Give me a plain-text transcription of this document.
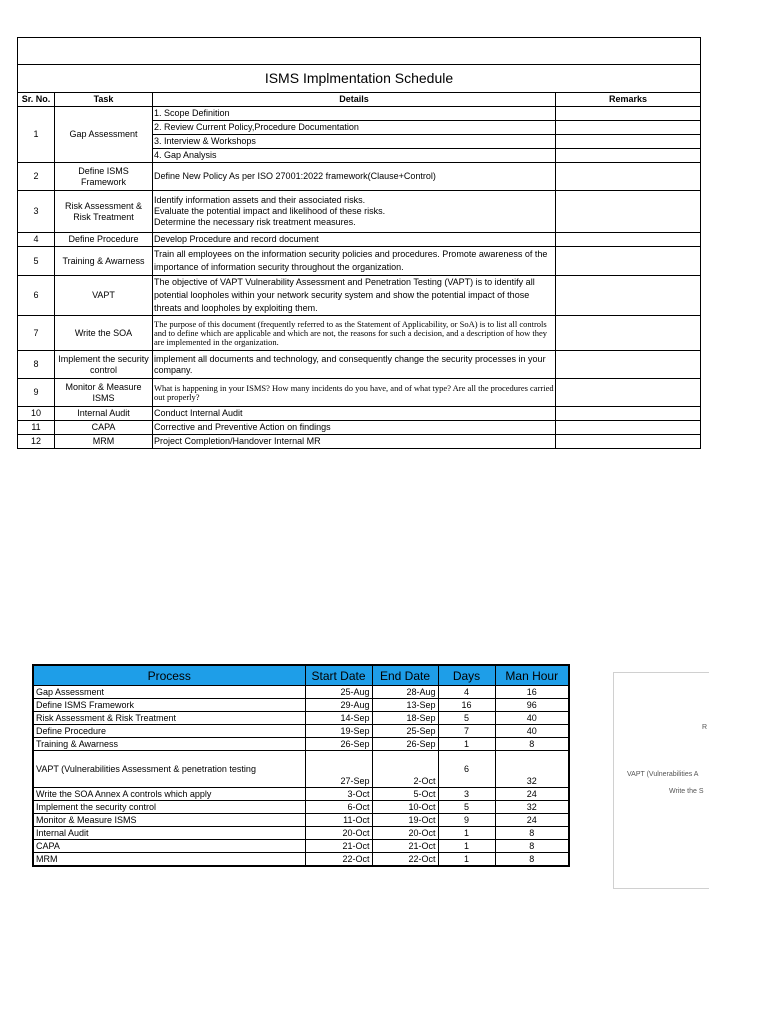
ISMS Implmentation Schedule			
Sr. No.	Task	Details	Remarks
1	Gap Assessment	1. Scope Definition	
		2. Review Current Policy,Procedure Documentation	
		3. Interview & Workshops	
		4. Gap Analysis	
2	Define ISMS Framework	Define New Policy As per ISO 27001:2022 framework(Clause+Control)	
3	Risk Assessment & Risk Treatment	Identify information assets and their associated risks.
Evaluate the potential impact and likelihood of these risks.
Determine the necessary risk treatment measures.	
4	Define Procedure	Develop Procedure and record document	
5	Training & Awarness	Train all employees on the information security policies and procedures. Promote awareness of the importance of information security throughout the organization.	
6	VAPT	The objective of VAPT Vulnerability Assessment and Penetration Testing (VAPT) is to identify all potential loopholes within your network security system and show the potential impact of those threats and loopholes by exploiting them.	
7	Write the SOA	The purpose of this document (frequently referred to as the Statement of Applicability, or SoA) is to list all controls and to define which are applicable and which are not, the reasons for such a decision, and a description of how they are implemented in the organization.	
8	Implement the security control	implement all documents and technology, and consequently change the security processes in your company.	
9	Monitor & Measure ISMS	What is happening in your ISMS? How many incidents do you have, and of what type? Are all the procedures carried out properly?	
10	Internal Audit	Conduct Internal Audit	
11	CAPA	Corrective and Preventive Action on findings	
12	MRM	Project Completion/Handover Internal MR	
Process	Start Date	End Date	Days	Man Hour
Gap Assessment	25-Aug	28-Aug	4	16
Define ISMS Framework	29-Aug	13-Sep	16	96
Risk Assessment & Risk Treatment	14-Sep	18-Sep	5	40
Define Procedure	19-Sep	25-Sep	7	40
Training & Awarness	26-Sep	26-Sep	1	8
VAPT (Vulnerabilities Assessment & penetration testing	27-Sep	2-Oct	6	32
Write the SOA Annex A controls which apply	3-Oct	5-Oct	3	24
Implement the security control	6-Oct	10-Oct	5	32
Monitor & Measure ISMS	11-Oct	19-Oct	9	24
Internal Audit	20-Oct	20-Oct	1	8
CAPA	21-Oct	21-Oct	1	8
MRM	22-Oct	22-Oct	1	8
R
VAPT (Vulnerabilities A
Write the S
